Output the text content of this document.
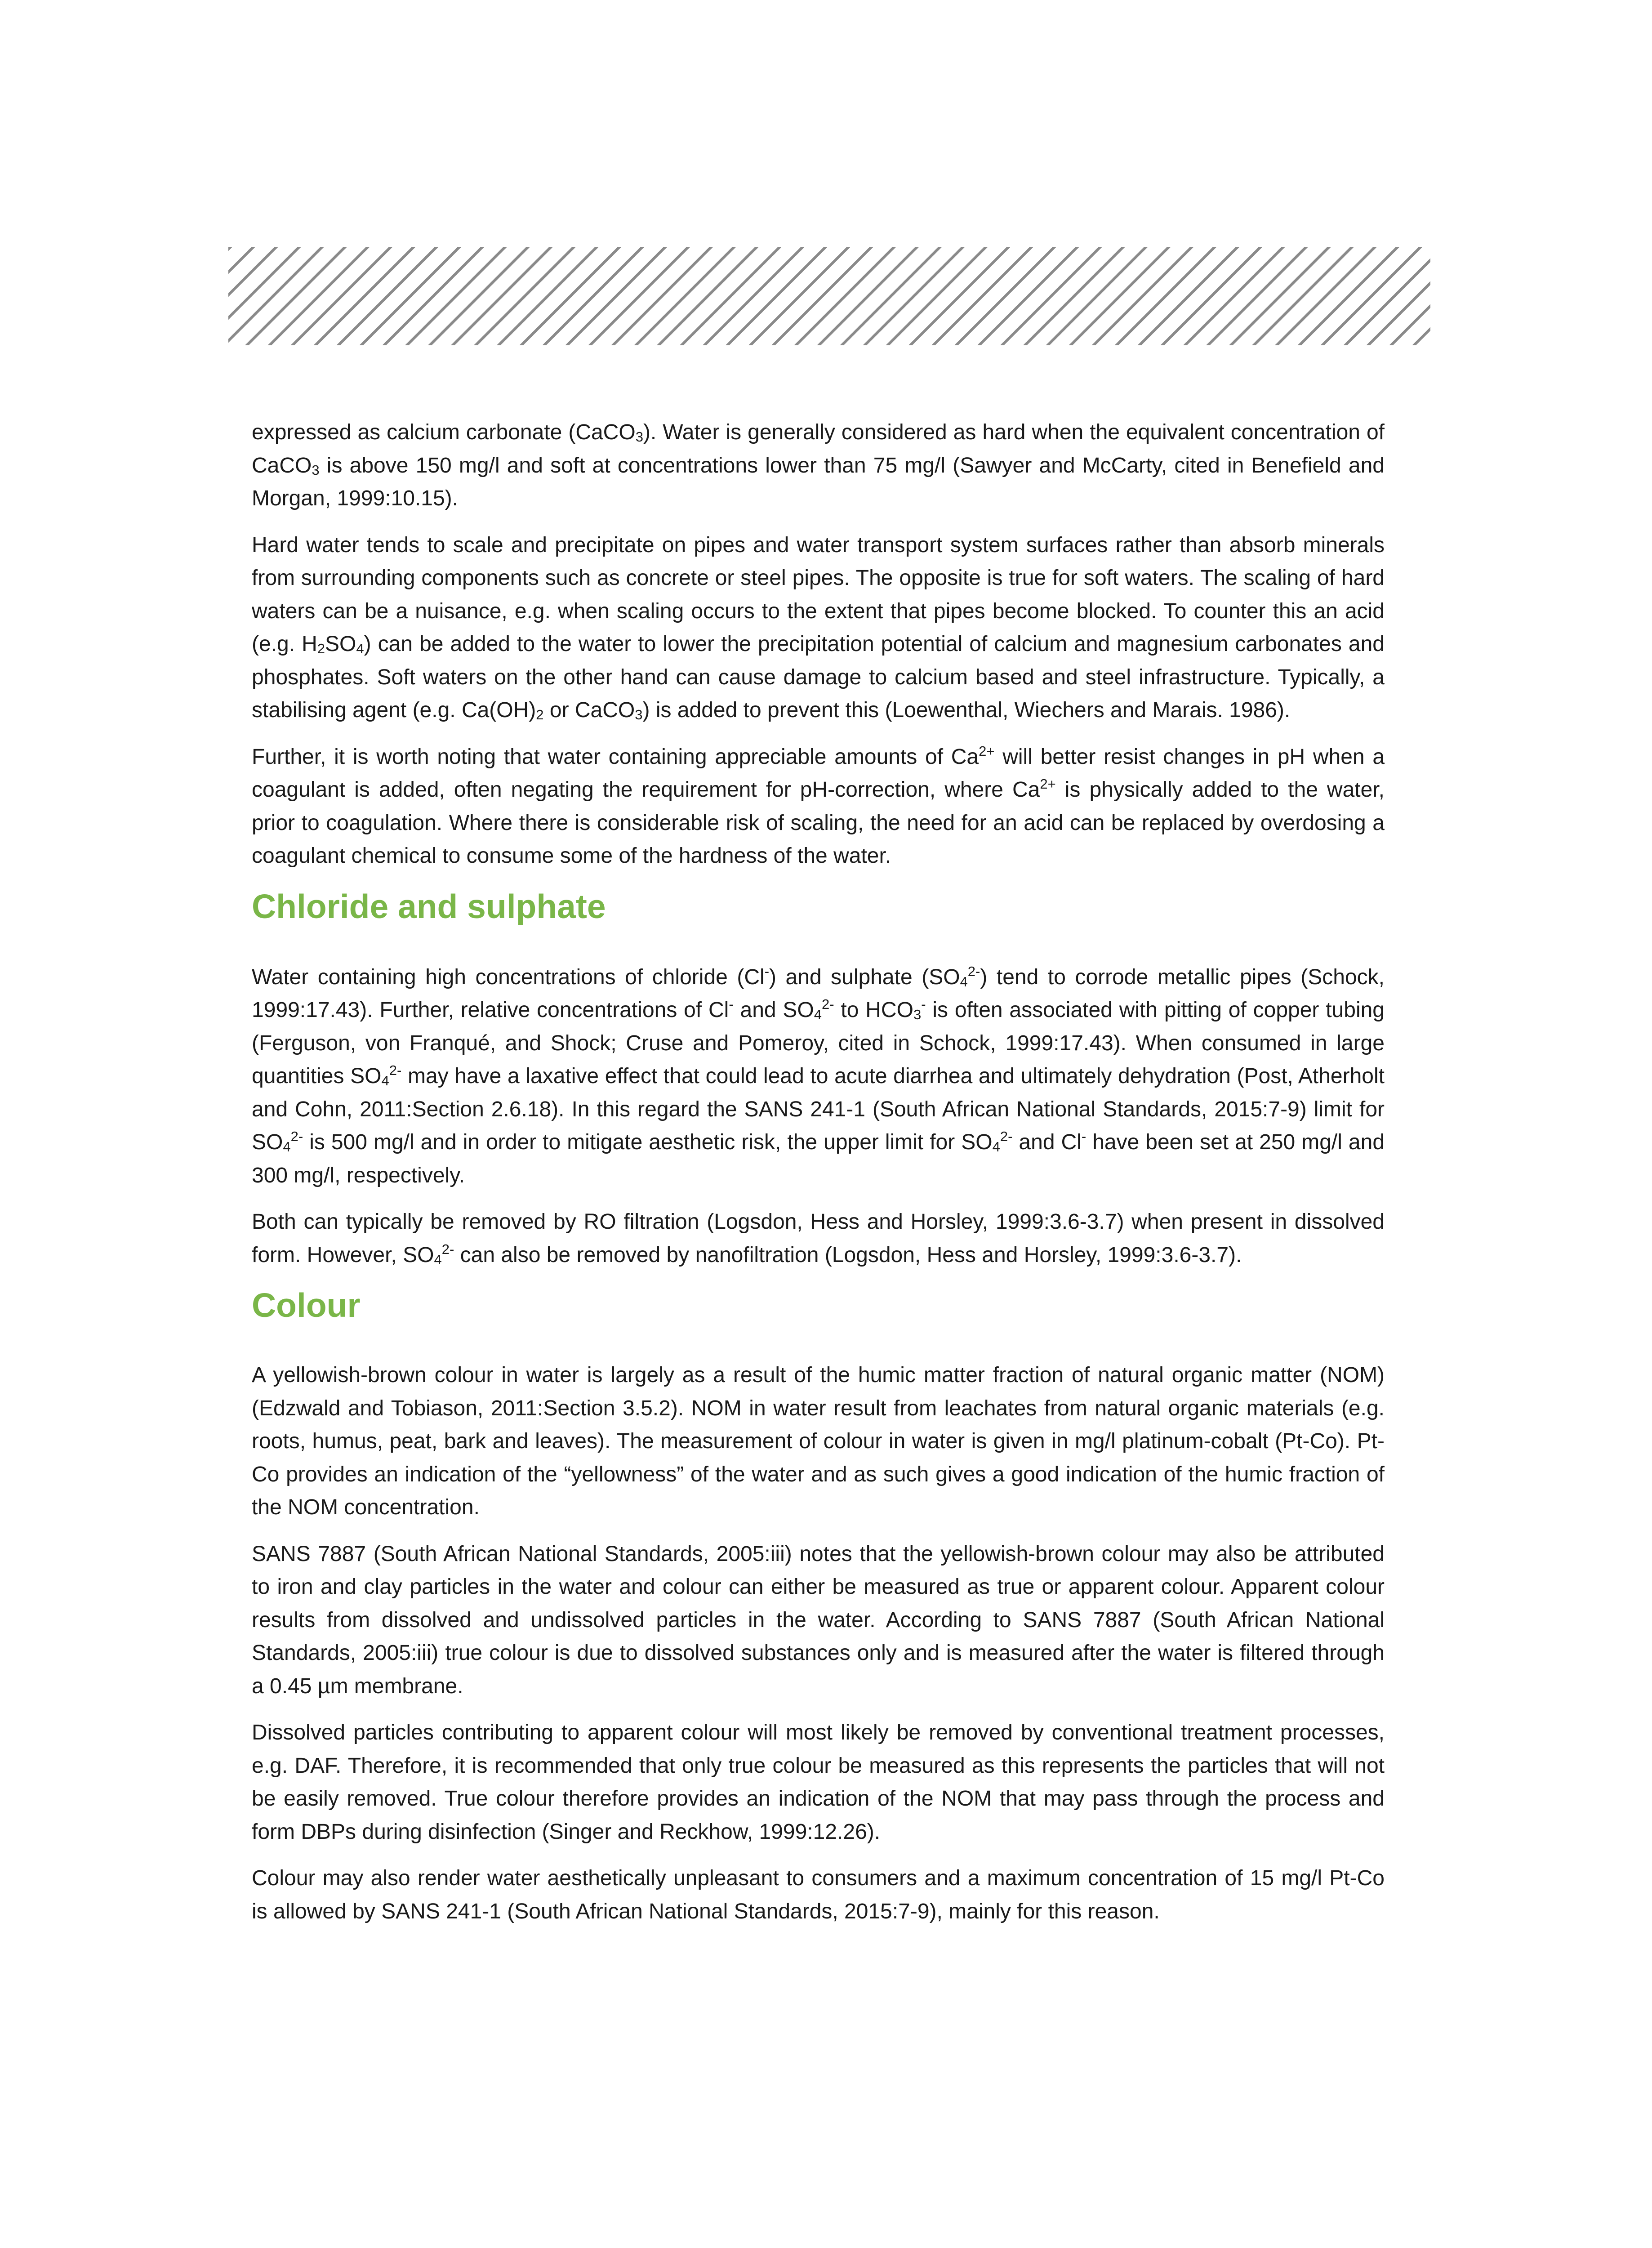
expressed as calcium carbonate (CaCO$_3$). Water is generally considered as hard when the equivalent concentration of CaCO$_3$ is above 150 mg/l and soft at concentrations lower than 75 mg/l (Sawyer and McCarty, cited in Benefield and Morgan, 1999:10.15).

Hard water tends to scale and precipitate on pipes and water transport system surfaces rather than absorb minerals from surrounding components such as concrete or steel pipes. The opposite is true for soft waters. The scaling of hard waters can be a nuisance, e.g. when scaling occurs to the extent that pipes become blocked. To counter this an acid (e.g. $H_2SO_4$) can be added to the water to lower the precipitation potential of calcium and magnesium carbonates and phosphates. Soft waters on the other hand can cause damage to calcium based and steel infrastructure. Typically, a stabilising agent (e.g. $Ca(OH)_2$ or CaCO$_3$) is added to prevent this (Loewenthal, Wiechers and Marais. 1986).

Further, it is worth noting that water containing appreciable amounts of $Ca^{2+}$ will better resist changes in pH when a coagulant is added, often negating the requirement for pH-correction, where $Ca^{2+}$ is physically added to the water, prior to coagulation. Where there is considerable risk of scaling, the need for an acid can be replaced by overdosing a coagulant chemical to consume some of the hardness of the water.

Chloride and sulphate

Water containing high concentrations of chloride (Cl-) and sulphate $(SO_4^{2-})$ tend to corrode metallic pipes (Schock, 1999:17.43). Further, relative concentrations of Cl- and $SO_4^{2-}$ to $HCO_3^-$ is often associated with pitting of copper tubing (Ferguson, von Franqué, and Shock; Cruse and Pomeroy, cited in Schock, 1999:17.43). When consumed in large quantities $SO_4^{2-}$ may have a laxative effect that could lead to acute diarrhea and ultimately dehydration (Post, Atherholt and Cohn, 2011:Section 2.6.18). In this regard the SANS 241-1 (South African National Standards, 2015:7-9) limit for $SO_4^{2-}$ is 500 mg/l and in order to mitigate aesthetic risk, the upper limit for $SO_4^{2-}$ and Cl- have been set at 250 mg/l and 300 mg/l, respectively.

Both can typically be removed by RO filtration (Logsdon, Hess and Horsley, 1999:3.6-3.7) when present in dissolved form. However, $SO_4^{2-}$ can also be removed by nanofiltration (Logsdon, Hess and Horsley, 1999:3.6-3.7).

Colour

A yellowish-brown colour in water is largely as a result of the humic matter fraction of natural organic matter (NOM) (Edzwald and Tobiason, 2011:Section 3.5.2). NOM in water result from leachates from natural organic materials (e.g. roots, humus, peat, bark and leaves). The measurement of colour in water is given in mg/l platinum-cobalt (Pt-Co). Pt-Co provides an indication of the “yellowness” of the water and as such gives a good indication of the humic fraction of the NOM concentration.

SANS 7887 (South African National Standards, 2005:iii) notes that the yellowish-brown colour may also be attributed to iron and clay particles in the water and colour can either be measured as true or apparent colour. Apparent colour results from dissolved and undissolved particles in the water. According to SANS 7887 (South African National Standards, 2005:iii) true colour is due to dissolved substances only and is measured after the water is filtered through a 0.45 µm membrane.

Dissolved particles contributing to apparent colour will most likely be removed by conventional treatment processes, e.g. DAF. Therefore, it is recommended that only true colour be measured as this represents the particles that will not be easily removed. True colour therefore provides an indication of the NOM that may pass through the process and form DBPs during disinfection (Singer and Reckhow, 1999:12.26).

Colour may also render water aesthetically unpleasant to consumers and a maximum concentration of 15 mg/l Pt-Co is allowed by SANS 241-1 (South African National Standards, 2015:7-9), mainly for this reason.
